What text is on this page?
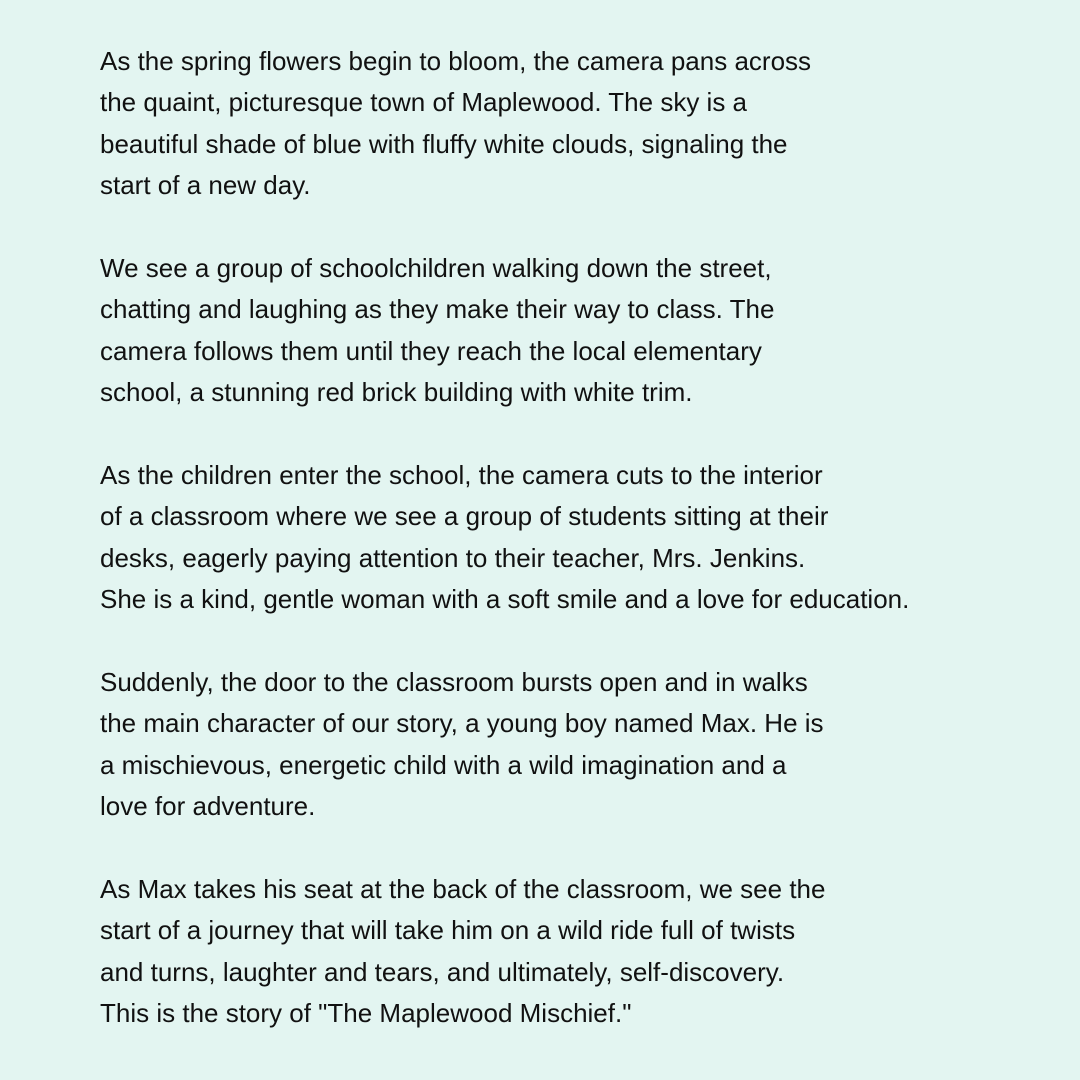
As the spring flowers begin to bloom, the camera pans across
the quaint, picturesque town of Maplewood. The sky is a
beautiful shade of blue with fluffy white clouds, signaling the
start of a new day.
We see a group of schoolchildren walking down the street,
chatting and laughing as they make their way to class. The
camera follows them until they reach the local elementary
school, a stunning red brick building with white trim.
As the children enter the school, the camera cuts to the interior
of a classroom where we see a group of students sitting at their
desks, eagerly paying attention to their teacher, Mrs. Jenkins.
She is a kind, gentle woman with a soft smile and a love for education.
Suddenly, the door to the classroom bursts open and in walks
the main character of our story, a young boy named Max. He is
a mischievous, energetic child with a wild imagination and a
love for adventure.
As Max takes his seat at the back of the classroom, we see the
start of a journey that will take him on a wild ride full of twists
and turns, laughter and tears, and ultimately, self-discovery.
This is the story of "The Maplewood Mischief."
